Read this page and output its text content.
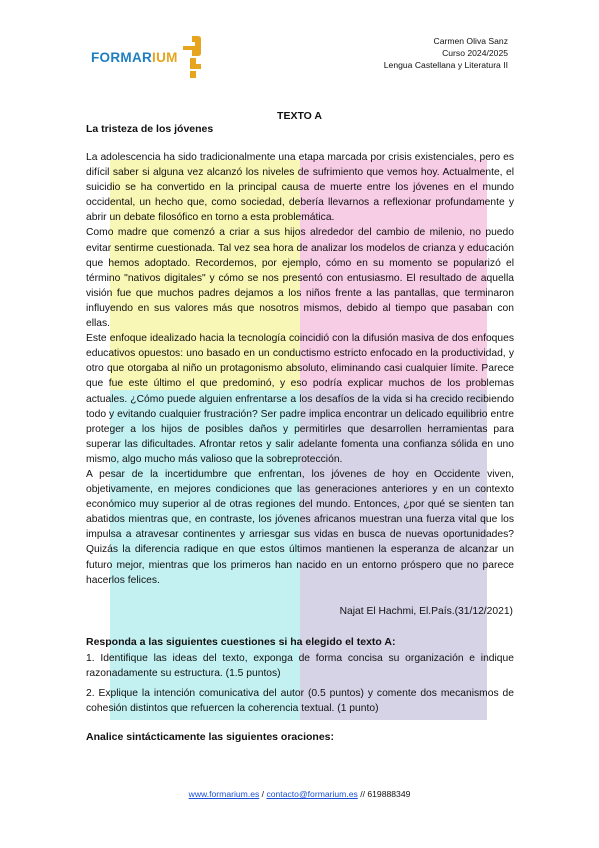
FORMARIUM
Carmen Oliva Sanz
Curso 2024/2025
Lengua Castellana y Literatura II
TEXTO A
La tristeza de los jóvenes

La adolescencia ha sido tradicionalmente una etapa marcada por crisis existenciales, pero es difícil saber si alguna vez alcanzó los niveles de sufrimiento que vemos hoy. Actualmente, el suicidio se ha convertido en la principal causa de muerte entre los jóvenes en el mundo occidental, un hecho que, como sociedad, debería llevarnos a reflexionar profundamente y abrir un debate filosófico en torno a esta problemática.

Como madre que comenzó a criar a sus hijos alrededor del cambio de milenio, no puedo evitar sentirme cuestionada. Tal vez sea hora de analizar los modelos de crianza y educación que hemos adoptado. Recordemos, por ejemplo, cómo en su momento se popularizó el término "nativos digitales" y cómo se nos presentó con entusiasmo. El resultado de aquella visión fue que muchos padres dejamos a los niños frente a las pantallas, que terminaron influyendo en sus valores más que nosotros mismos, debido al tiempo que pasaban con ellas.

Este enfoque idealizado hacia la tecnología coincidió con la difusión masiva de dos enfoques educativos opuestos: uno basado en un conductismo estricto enfocado en la productividad, y otro que otorgaba al niño un protagonismo absoluto, eliminando casi cualquier límite. Parece que fue este último el que predominó, y eso podría explicar muchos de los problemas actuales. ¿Cómo puede alguien enfrentarse a los desafíos de la vida si ha crecido recibiendo todo y evitando cualquier frustración? Ser padre implica encontrar un delicado equilibrio entre proteger a los hijos de posibles daños y permitirles que desarrollen herramientas para superar las dificultades. Afrontar retos y salir adelante fomenta una confianza sólida en uno mismo, algo mucho más valioso que la sobreprotección.

A pesar de la incertidumbre que enfrentan, los jóvenes de hoy en Occidente viven, objetivamente, en mejores condiciones que las generaciones anteriores y en un contexto económico muy superior al de otras regiones del mundo. Entonces, ¿por qué se sienten tan abatidos mientras que, en contraste, los jóvenes africanos muestran una fuerza vital que los impulsa a atravesar continentes y arriesgar sus vidas en busca de nuevas oportunidades? Quizás la diferencia radique en que estos últimos mantienen la esperanza de alcanzar un futuro mejor, mientras que los primeros han nacido en un entorno próspero que no parece hacerlos felices.

Najat El Hachmi, El.País.(31/12/2021)
Responda a las siguientes cuestiones si ha elegido el texto A:
1. Identifique las ideas del texto, exponga de forma concisa su organización e indique razonadamente su estructura. (1.5 puntos)
2. Explique la intención comunicativa del autor (0.5 puntos) y comente dos mecanismos de cohesión distintos que refuercen la coherencia textual. (1 punto)
Analice sintácticamente las siguientes oraciones:
www.formarium.es / contacto@formarium.es // 619888349
